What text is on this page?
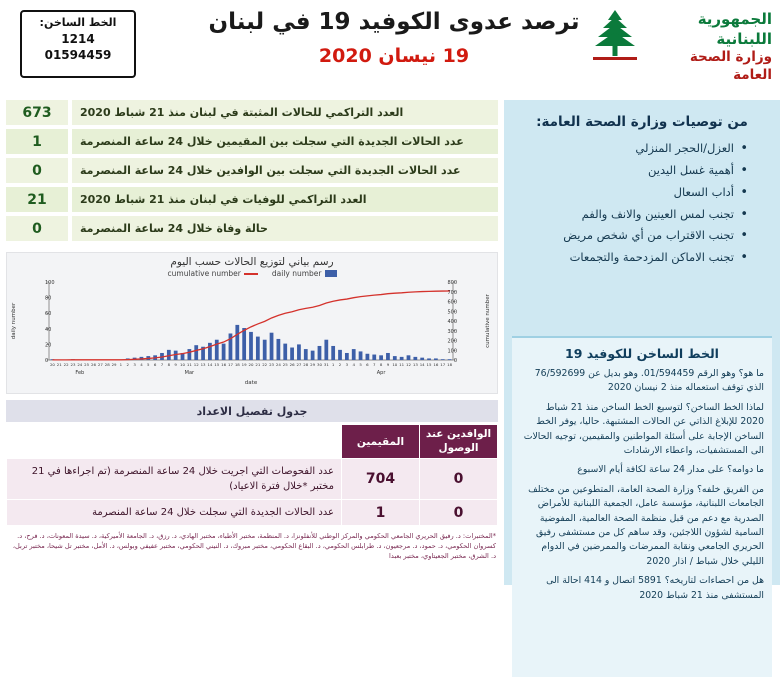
الخط الساخن:
1214
01594459
ترصد عدوى الكوفيد 19 في لبنان
19 نيسان 2020
الجمهورية اللبنانية
وزارة الصحة العامة
من توصيات وزارة الصحة العامة:
• العزل/الحجر المنزلي
• أهمية غسل اليدين
• أداب السعال
• تجنب لمس العينين والانف والفم
• تجنب الاقتراب من أي شخص مريض
• تجنب الاماكن المزدحمة والتجمعات
الخط الساخن للكوفيد 19

ما هو؟ وهو الرقم 01/594459. وهو بديل عن 76/592699 الذي توقف استعماله منذ 2 نيسان 2020

لماذا الخط الساخن؟ لتوسيع الخط الساخن منذ 21 شباط 2020 للإبلاغ الذاتي عن الحالات المشتبهة. حاليا، يوفر الخط الساخن الإجابة على أسئلة المواطنين والمقيمين، توجيه الحالات الى المستشفيات، واعطاء الارشادات

ما دوامه؟ على مدار 24 ساعة لكافة أيام الاسبوع

من الفريق خلفه؟ وزارة الصحة العامة، المتطوعين من مختلف الجامعات اللبنانية، مؤسسة عامل، الجمعية اللبنانية للأمراض الصدرية مع دعم من قبل منظمة الصحة العالمية، المفوضية السامية لشؤون اللاجئين، وقد ساهم كل من مستشفى رفيق الحريري الجامعي ونقابة الممرضات والممرضين في الدوام الليلي خلال شباط / اذار 2020

هل من احصاءات لتاريخه؟ 5891 اتصال و 414 احالة الى المستشفى منذ 21 شباط 2020

العدد التراكمي للحالات المثبتة في لبنان منذ 21 شباط 2020
673
عدد الحالات الجديدة التي سجلت بين المقيمين خلال 24 ساعة المنصرمة
1
عدد الحالات الجديدة التي سجلت بين الوافدين خلال 24 ساعة المنصرمة
0
العدد التراكمي للوفيات في لبنان منذ 21 شباط 2020
21
حالة وفاة خلال 24 ساعة المنصرمة
0
رسم بياني لتوزيع الحالات حسب اليوم
daily number
cumulative number
0
20
40
60
80
100
0
100
200
300
400
500
600
700
800
daily number	cumulative number
date
20 21 22 23 24 25 26 27 28 29 1 2 3 4 5 6 7 8 9 10 11 12 13 14 15 16 17 18 19 20 21 22 23 24 25 26 27 28 29 30 31 1 2 3 4 5 6 7 8 9 10 11 12 13 14 15 16 17 18
Feb	Mar	Apr
جدول تفصيل الاعداد
الوافدين عند الوصول	المقيمين	
0	704	عدد الفحوصات التي اجريت خلال 24 ساعة المنصرمة (تم اجراءها في 21 مختبر *خلال فترة الاعياد)
0	1	عدد الحالات الجديدة التي سجلت خلال 24 ساعة المنصرمة
*المختبرات: د. رفيق الحريري الجامعي الحكومي والمركز الوطني للأنفلونزا، د. المنظمة، مختبر الأطباء، مختبر الهادي، د. رزق، د. الجامعة الأميركية، د. سيدة المعونات، د. فرح، د. كسروان الحكومي، د. حمود، د. مرجعيون، د. طرابلس الحكومي، د. البقاع الحكومي، مختبر مبروك، د. النيني الحكومي، مختبر عفيفي وبولس، د. الأمل، مختبر تل شيحا، مختبر تربل، د. الشرق، مختبر الجعيتاوي، مختبر بعبدا
